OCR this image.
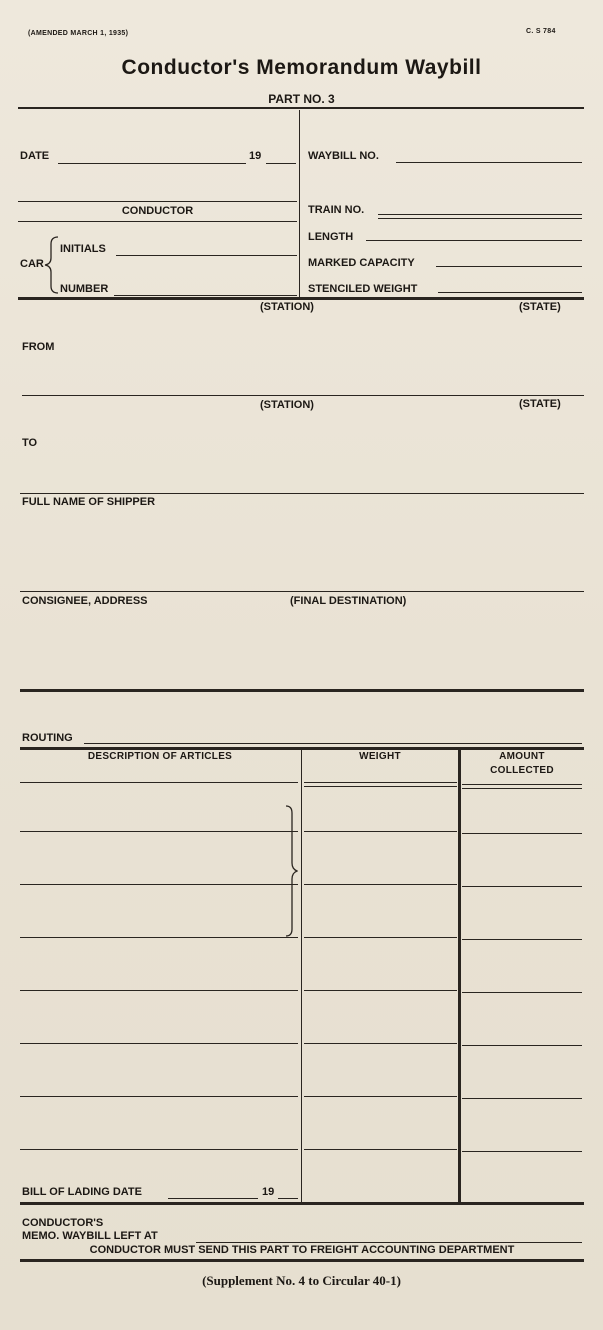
(AMENDED MARCH 1, 1935)	C. S 784
Conductor's Memorandum Waybill
PART NO. 3
DATE	19
CONDUCTOR
CAR
INITIALS
NUMBER
WAYBILL NO.
TRAIN NO.
LENGTH
MARKED CAPACITY
STENCILED WEIGHT
(STATION)	(STATE)
FROM
(STATION)	(STATE)
TO
FULL NAME OF SHIPPER
CONSIGNEE, ADDRESS	(FINAL DESTINATION)
ROUTING
DESCRIPTION OF ARTICLES	WEIGHT	AMOUNT
COLLECTED
BILL OF LADING DATE	19
CONDUCTOR'S
MEMO. WAYBILL LEFT AT
CONDUCTOR MUST SEND THIS PART TO FREIGHT ACCOUNTING DEPARTMENT
(Supplement No. 4 to Circular 40-1)
